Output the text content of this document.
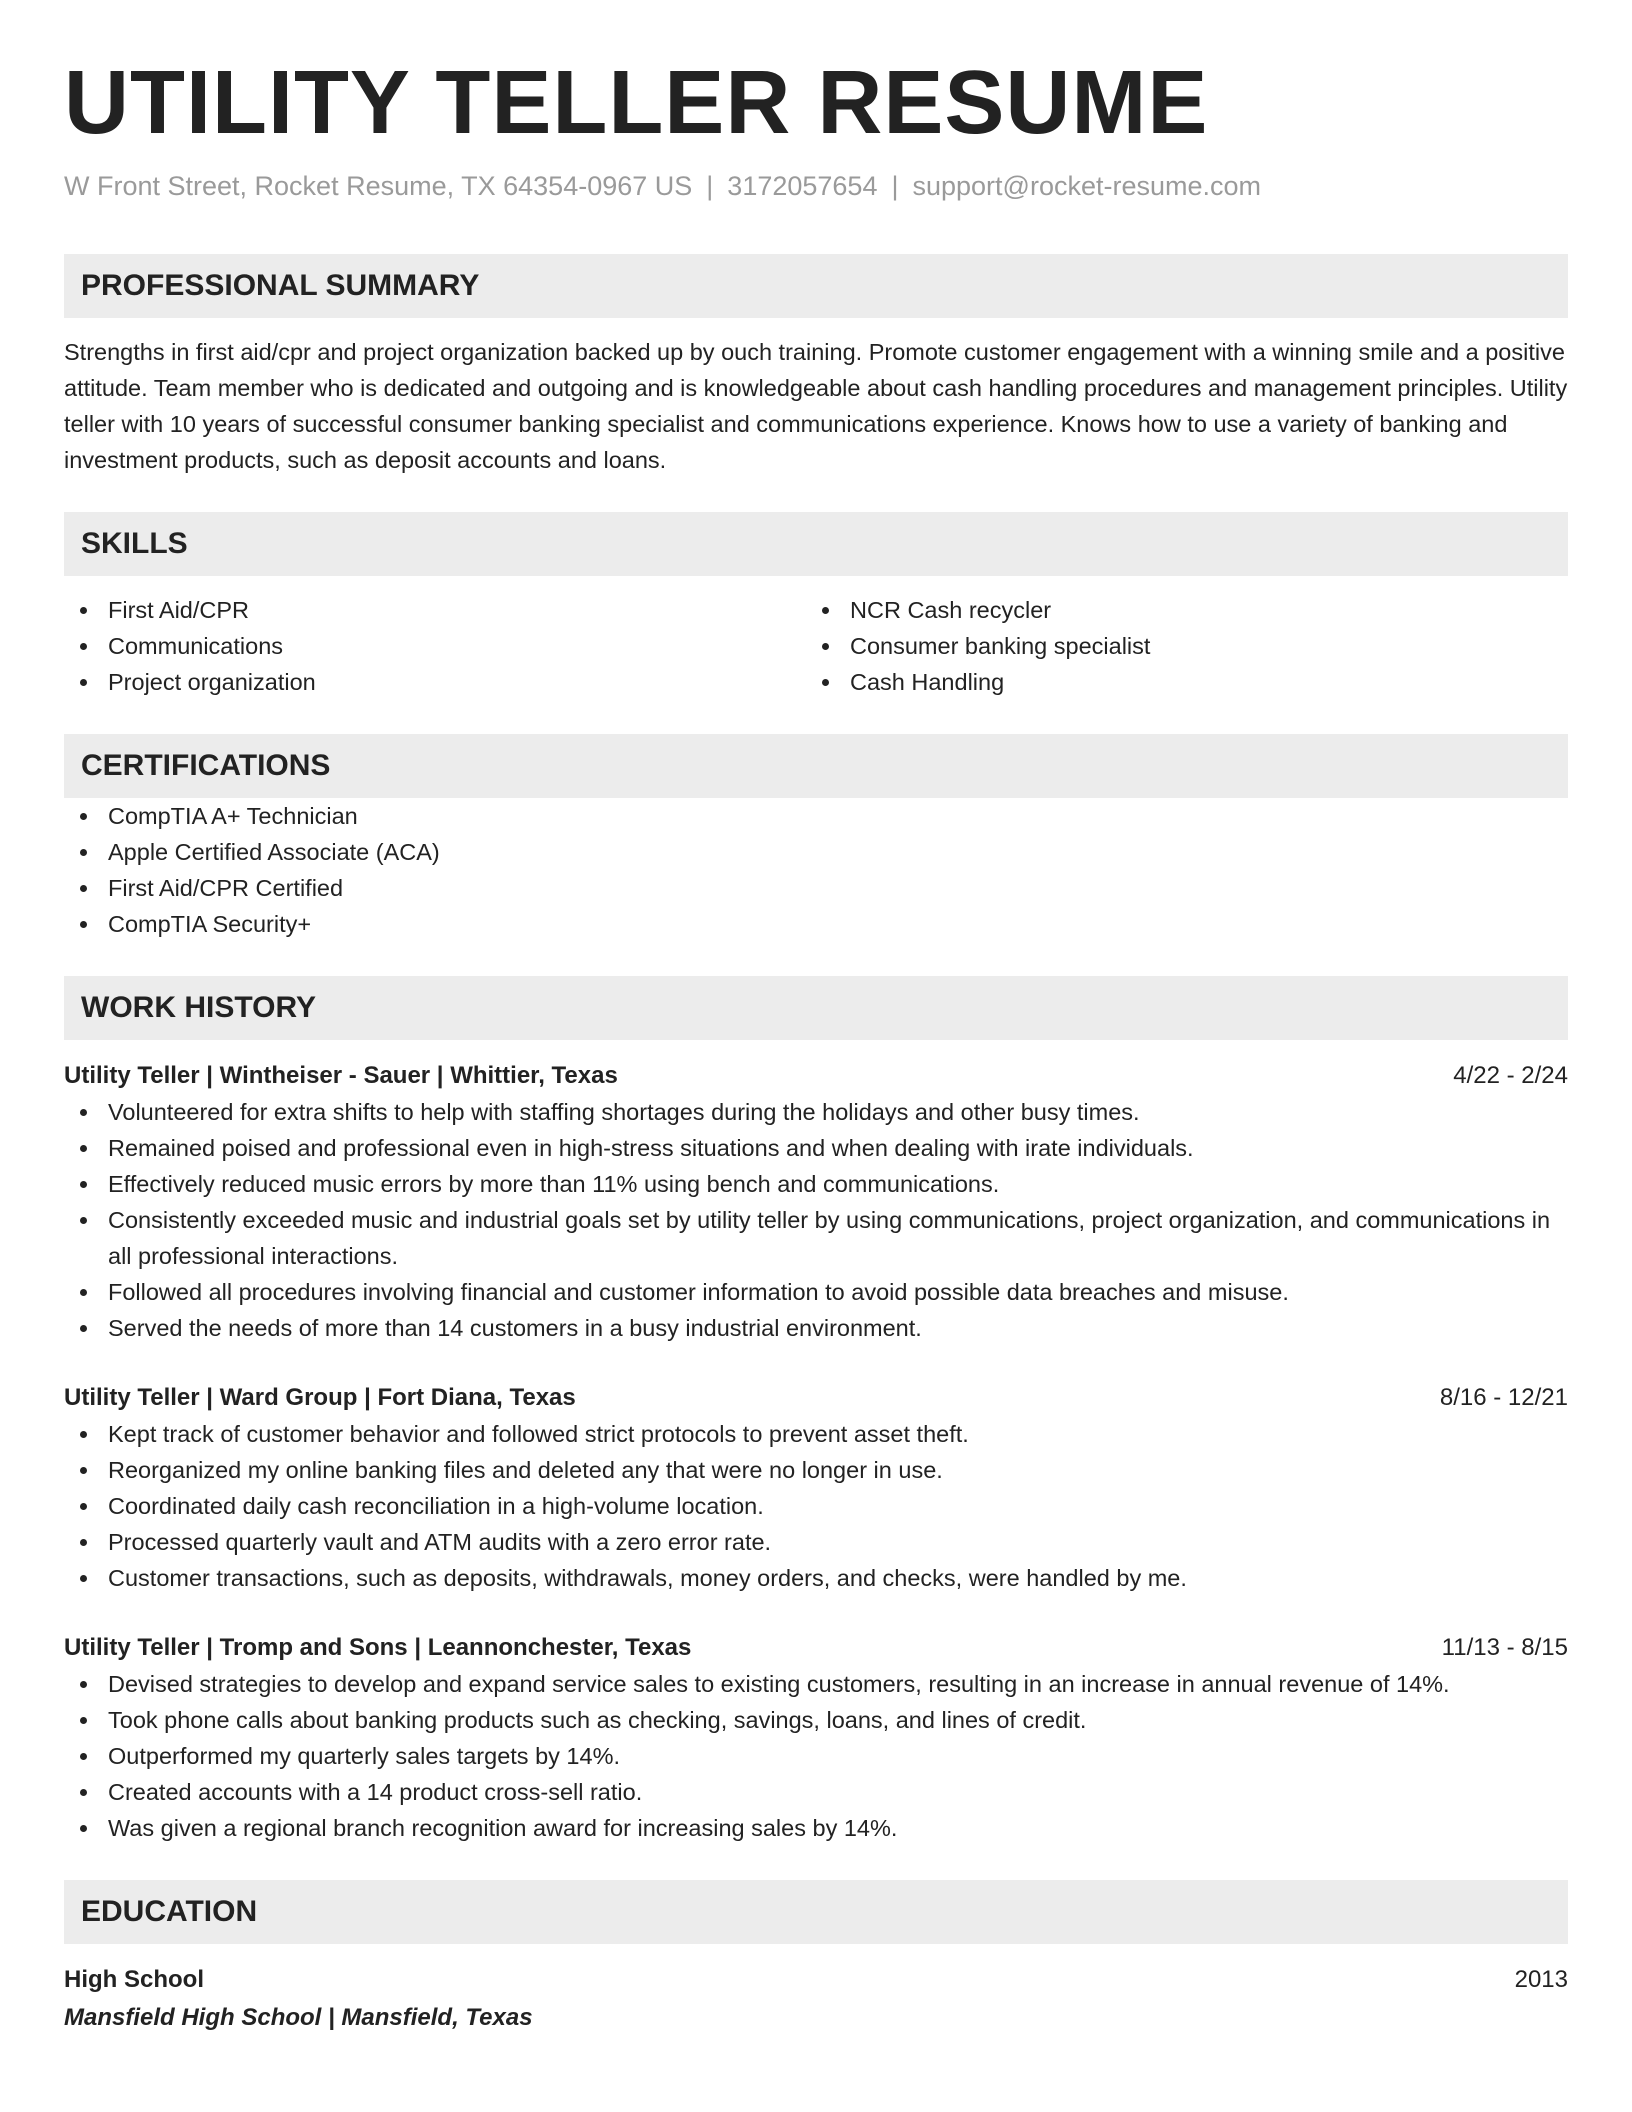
UTILITY TELLER RESUME
W Front Street, Rocket Resume, TX 64354-0967 US | 3172057654 | support@rocket-resume.com
PROFESSIONAL SUMMARY
Strengths in first aid/cpr and project organization backed up by ouch training. Promote customer engagement with a winning smile and a positive attitude. Team member who is dedicated and outgoing and is knowledgeable about cash handling procedures and management principles. Utility teller with 10 years of successful consumer banking specialist and communications experience. Knows how to use a variety of banking and investment products, such as deposit accounts and loans.
SKILLS
First Aid/CPR
Communications
Project organization
NCR Cash recycler
Consumer banking specialist
Cash Handling
CERTIFICATIONS
CompTIA A+ Technician
Apple Certified Associate (ACA)
First Aid/CPR Certified
CompTIA Security+
WORK HISTORY
Utility Teller | Wintheiser - Sauer | Whittier, Texas	4/22 - 2/24
Volunteered for extra shifts to help with staffing shortages during the holidays and other busy times.
Remained poised and professional even in high-stress situations and when dealing with irate individuals.
Effectively reduced music errors by more than 11% using bench and communications.
Consistently exceeded music and industrial goals set by utility teller by using communications, project organization, and communications in all professional interactions.
Followed all procedures involving financial and customer information to avoid possible data breaches and misuse.
Served the needs of more than 14 customers in a busy industrial environment.
Utility Teller | Ward Group | Fort Diana, Texas	8/16 - 12/21
Kept track of customer behavior and followed strict protocols to prevent asset theft.
Reorganized my online banking files and deleted any that were no longer in use.
Coordinated daily cash reconciliation in a high-volume location.
Processed quarterly vault and ATM audits with a zero error rate.
Customer transactions, such as deposits, withdrawals, money orders, and checks, were handled by me.
Utility Teller | Tromp and Sons | Leannonchester, Texas	11/13 - 8/15
Devised strategies to develop and expand service sales to existing customers, resulting in an increase in annual revenue of 14%.
Took phone calls about banking products such as checking, savings, loans, and lines of credit.
Outperformed my quarterly sales targets by 14%.
Created accounts with a 14 product cross-sell ratio.
Was given a regional branch recognition award for increasing sales by 14%.
EDUCATION
High School	2013
Mansfield High School | Mansfield, Texas
